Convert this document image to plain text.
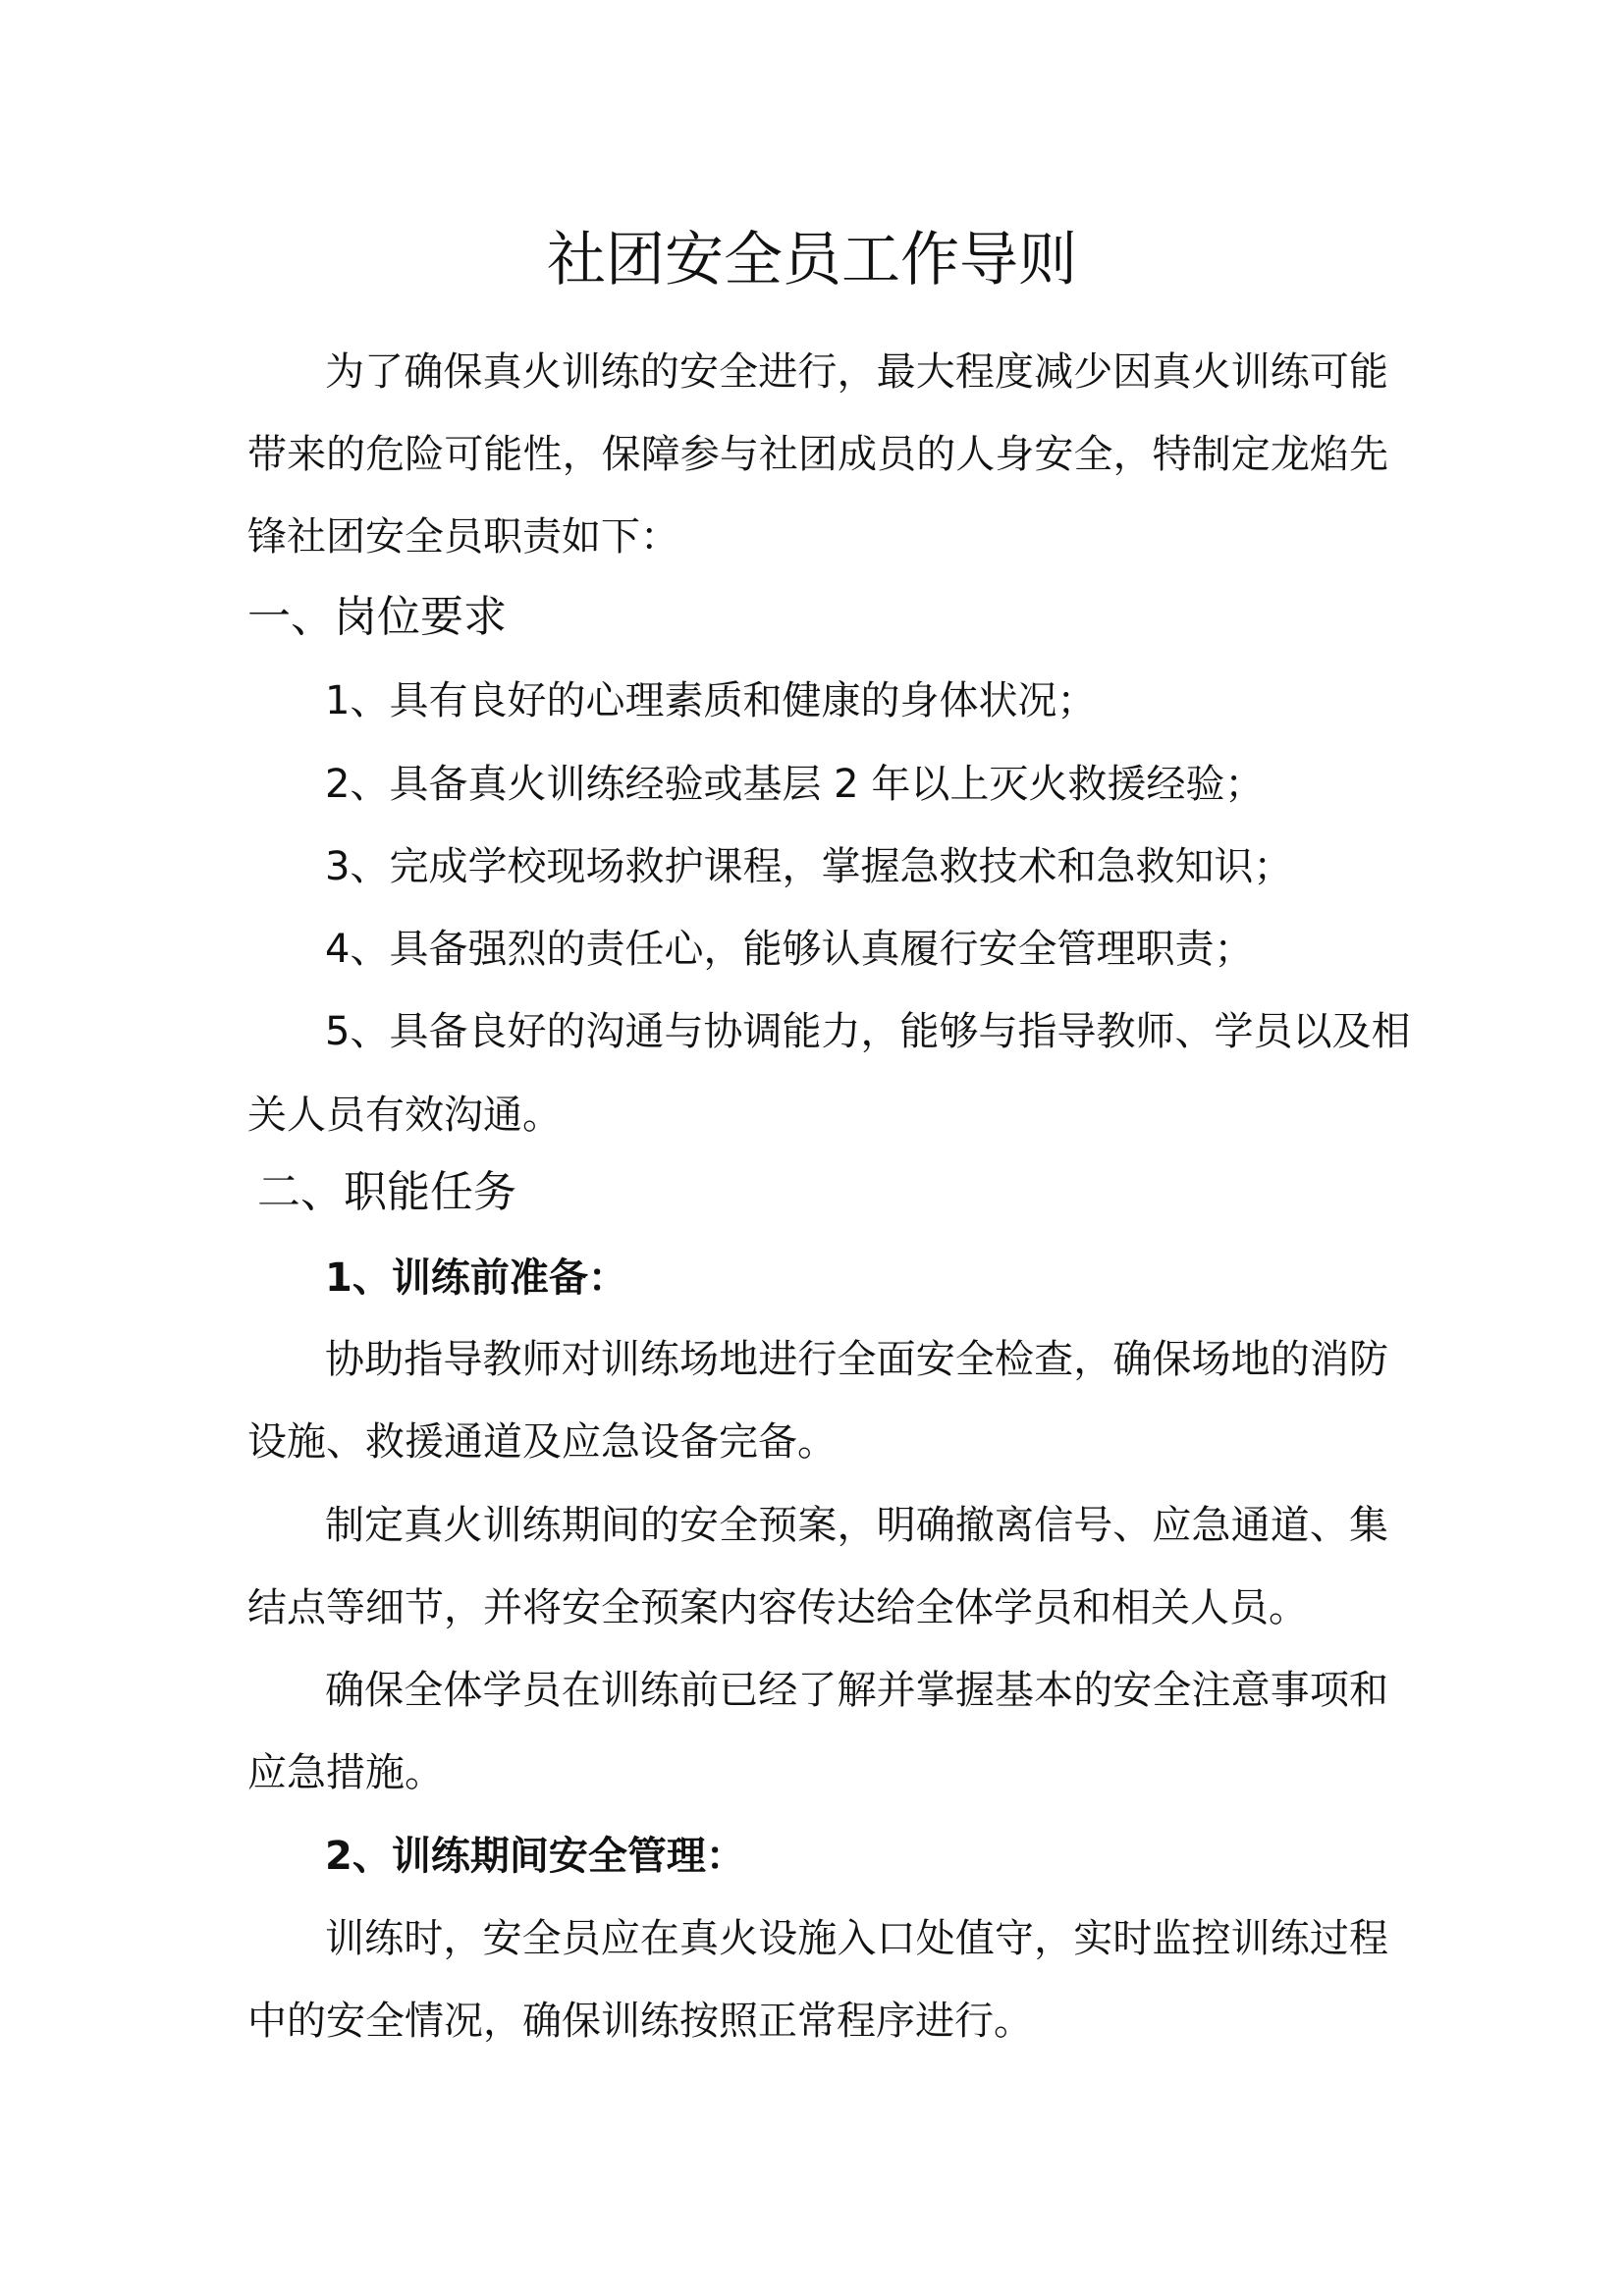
社团安全员工作导则
为了确保真火训练的安全进行，最大程度减少因真火训练可能
带来的危险可能性，保障参与社团成员的人身安全，特制定龙焰先
锋社团安全员职责如下：
一、岗位要求
1、具有良好的心理素质和健康的身体状况；
2、具备真火训练经验或基层 2 年以上灭火救援经验；
3、完成学校现场救护课程，掌握急救技术和急救知识；
4、具备强烈的责任心，能够认真履行安全管理职责；
5、具备良好的沟通与协调能力，能够与指导教师、学员以及相
关人员有效沟通。
二、职能任务
1、训练前准备：
协助指导教师对训练场地进行全面安全检查，确保场地的消防
设施、救援通道及应急设备完备。
制定真火训练期间的安全预案，明确撤离信号、应急通道、集
结点等细节，并将安全预案内容传达给全体学员和相关人员。
确保全体学员在训练前已经了解并掌握基本的安全注意事项和
应急措施。
2、训练期间安全管理：
训练时，安全员应在真火设施入口处值守，实时监控训练过程
中的安全情况，确保训练按照正常程序进行。
